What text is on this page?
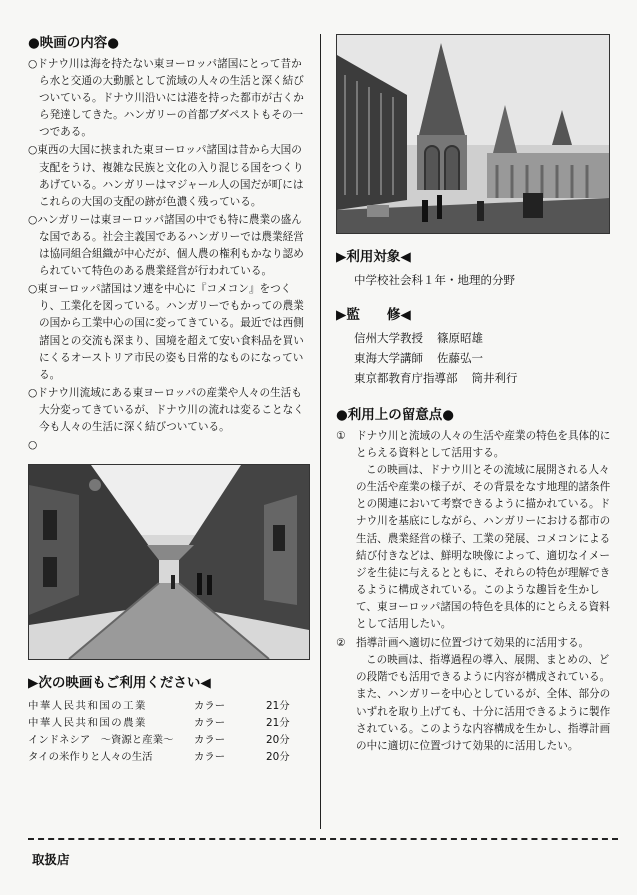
●映画の内容●

○ドナウ川は海を持たない東ヨーロッパ諸国にとって昔から水と交通の大動脈として流域の人々の生活と深く結びついている。ドナウ川沿いには港を持った都市が古くから発達してきた。ハンガリーの首都ブダペストもその一つである。

○東西の大国に挟まれた東ヨーロッパ諸国は昔から大国の支配をうけ、複雑な民族と文化の入り混じる国をつくりあげている。ハンガリーはマジャール人の国だが町にはこれらの大国の支配の跡が色濃く残っている。

○ハンガリーは東ヨーロッパ諸国の中でも特に農業の盛んな国である。社会主義国であるハンガリーでは農業経営は協同組合組織が中心だが、個人農の権利もかなり認められていて特色のある農業経営が行われている。

○東ヨーロッパ諸国はソ連を中心に『コメコン』をつくり、工業化を図っている。ハンガリーでもかっての農業の国から工業中心の国に変ってきている。最近では西側諸国との交流も深まり、国境を超えて安い食料品を買いにくるオーストリア市民の姿も日常的なものになっている。

○ドナウ川流域にある東ヨーロッパの産業や人々の生活も大分変ってきているが、ドナウ川の流れは変ることなく今も人々の生活に深く結びついている。

○

▶次の映画もご利用ください◀
中華人民共和国の工業	カラー	21分
中華人民共和国の農業	カラー	21分
インドネシア　～資源と産業～	カラー	20分
タイの米作りと人々の生活	カラー	20分
▶利用対象◀

中学校社会科１年・地理的分野

▶監　　修◀
信州大学教授 篠原昭雄
東海大学講師 佐藤弘一
東京都教育庁指導部 筒井利行
●利用上の留意点●

①　ドナウ川と流域の人々の生活や産業の特色を具体的にとらえる資料として活用する。

この映画は、ドナウ川とその流域に展開される人々の生活や産業の様子が、その背景をなす地理的諸条件との関連において考察できるように描かれている。ドナウ川を基底にしながら、ハンガリーにおける都市の生活、農業経営の様子、工業の発展、コメコンによる結び付きなどは、鮮明な映像によって、適切なイメージを生徒に与えるとともに、それらの特色が理解できるように構成されている。このような趣旨を生かして、東ヨーロッパ諸国の特色を具体的にとらえる資料として活用したい。

②　指導計画へ適切に位置づけて効果的に活用する。

この映画は、指導過程の導入、展開、まとめの、どの段階でも活用できるように内容が構成されている。また、ハンガリーを中心としているが、全体、部分のいずれを取り上げても、十分に活用できるように製作されている。このような内容構成を生かし、指導計画の中に適切に位置づけて効果的に活用したい。

取扱店
